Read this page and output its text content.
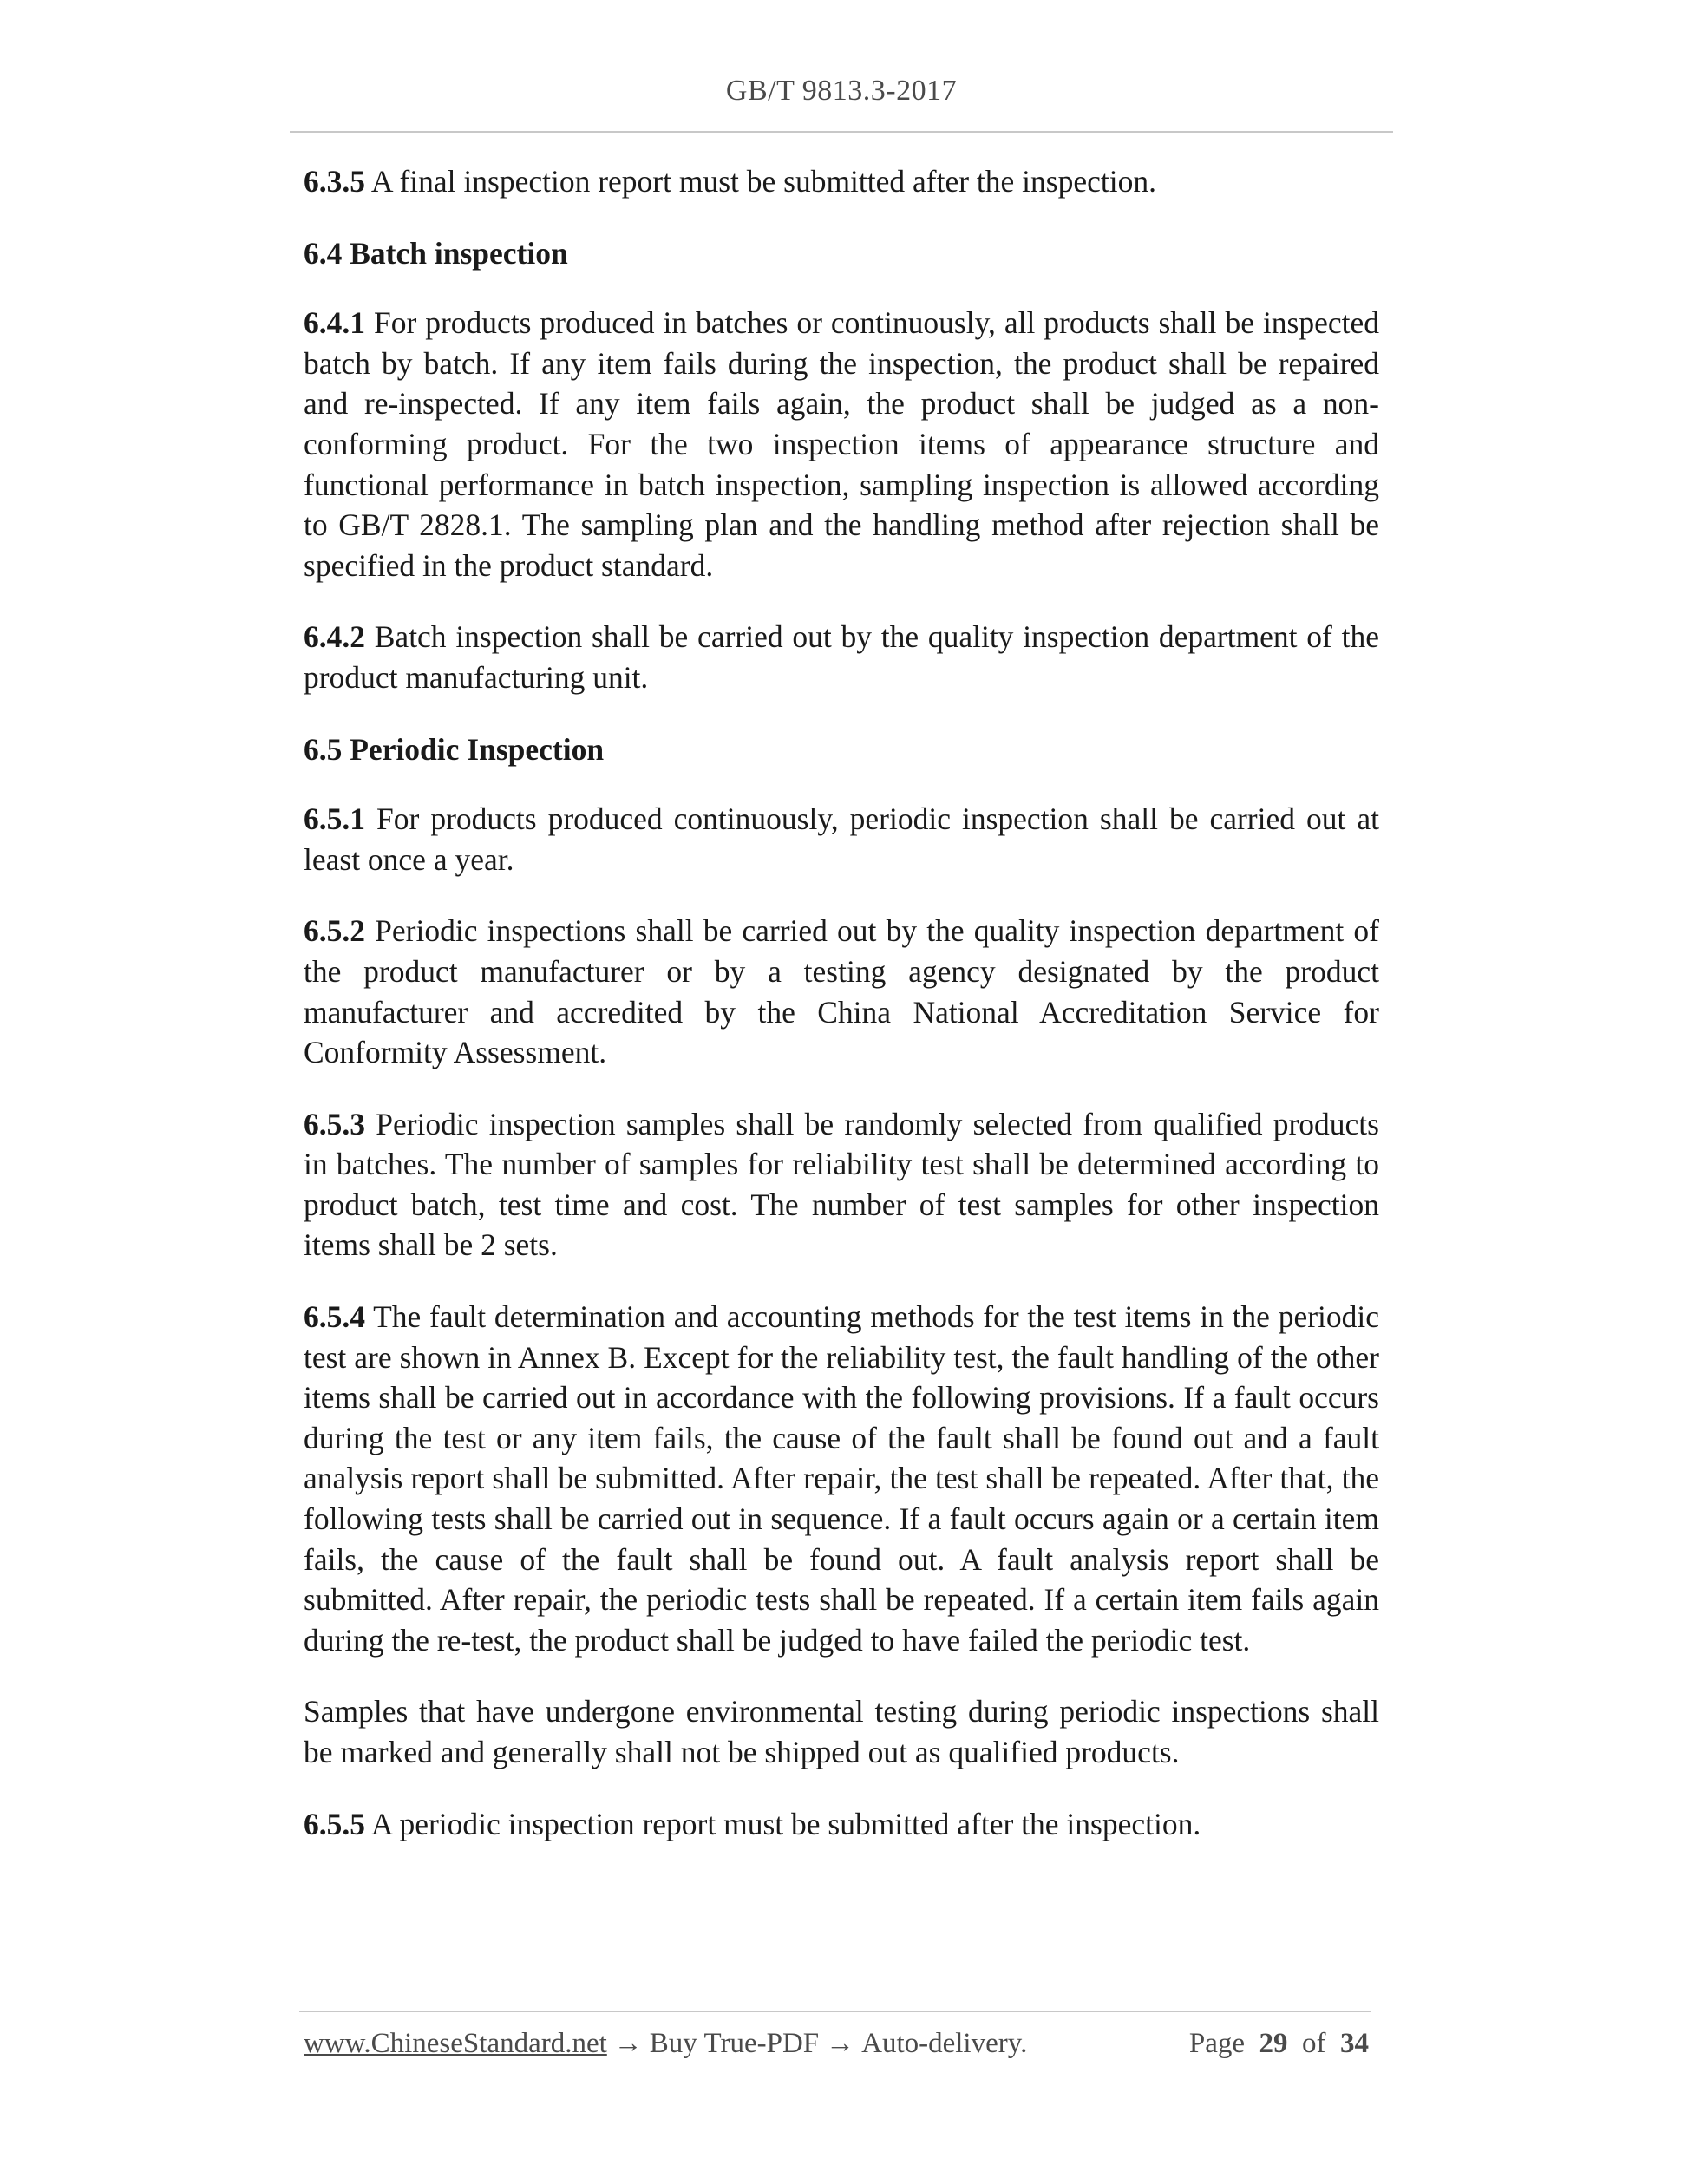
GB/T 9813.3-2017

6.3.5 A final inspection report must be submitted after the inspection.

6.4 Batch inspection

6.4.1 For products produced in batches or continuously, all products shall be inspected batch by batch. If any item fails during the inspection, the product shall be repaired and re-inspected. If any item fails again, the product shall be judged as a non-conforming product. For the two inspection items of appearance structure and functional performance in batch inspection, sampling inspection is allowed according to GB/T 2828.1. The sampling plan and the handling method after rejection shall be specified in the product standard.

6.4.2 Batch inspection shall be carried out by the quality inspection department of the product manufacturing unit.

6.5 Periodic Inspection

6.5.1 For products produced continuously, periodic inspection shall be carried out at least once a year.

6.5.2 Periodic inspections shall be carried out by the quality inspection department of the product manufacturer or by a testing agency designated by the product manufacturer and accredited by the China National Accreditation Service for Conformity Assessment.

6.5.3 Periodic inspection samples shall be randomly selected from qualified products in batches. The number of samples for reliability test shall be determined according to product batch, test time and cost. The number of test samples for other inspection items shall be 2 sets.

6.5.4 The fault determination and accounting methods for the test items in the periodic test are shown in Annex B. Except for the reliability test, the fault handling of the other items shall be carried out in accordance with the following provisions. If a fault occurs during the test or any item fails, the cause of the fault shall be found out and a fault analysis report shall be submitted. After repair, the test shall be repeated. After that, the following tests shall be carried out in sequence. If a fault occurs again or a certain item fails, the cause of the fault shall be found out. A fault analysis report shall be submitted. After repair, the periodic tests shall be repeated. If a certain item fails again during the re-test, the product shall be judged to have failed the periodic test.

Samples that have undergone environmental testing during periodic inspections shall be marked and generally shall not be shipped out as qualified products.

6.5.5 A periodic inspection report must be submitted after the inspection.

www.ChineseStandard.net → Buy True-PDF → Auto-delivery.	Page 29 of 34
